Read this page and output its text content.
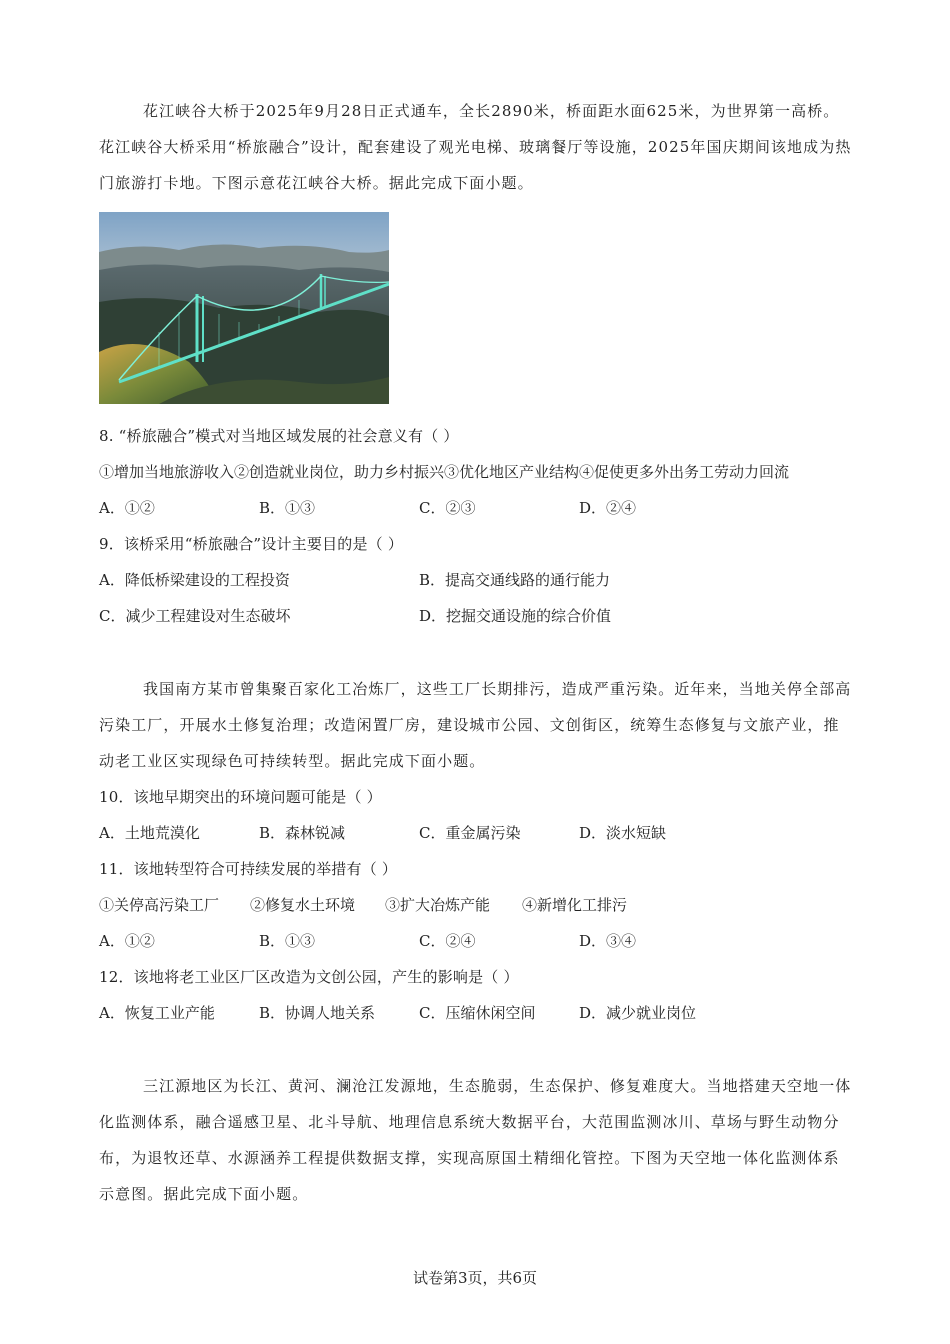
花江峡谷大桥于2025年9月28日正式通车，全长2890米，桥面距水面625米，为世界第一高桥。
花江峡谷大桥采用“桥旅融合”设计，配套建设了观光电梯、玻璃餐厅等设施，2025年国庆期间该地成为热
门旅游打卡地。下图示意花江峡谷大桥。据此完成下面小题。
8. “桥旅融合”模式对当地区域发展的社会意义有（ ）
①增加当地旅游收入②创造就业岗位，助力乡村振兴③优化地区产业结构④促使更多外出务工劳动力回流
A．①②	B．①③	C．②③	D．②④
9．该桥采用“桥旅融合”设计主要目的是（ ）
A．降低桥梁建设的工程投资	B．提高交通线路的通行能力
C．减少工程建设对生态破坏	D．挖掘交通设施的综合价值
我国南方某市曾集聚百家化工冶炼厂，这些工厂长期排污，造成严重污染。近年来，当地关停全部高
污染工厂，开展水土修复治理；改造闲置厂房，建设城市公园、文创街区，统筹生态修复与文旅产业，推
动老工业区实现绿色可持续转型。据此完成下面小题。
10．该地早期突出的环境问题可能是（ ）
A．土地荒漠化	B．森林锐减	C．重金属污染	D．淡水短缺
11．该地转型符合可持续发展的举措有（ ）
①关停高污染工厂 ②修复水土环境 ③扩大冶炼产能 ④新增化工排污
A．①②	B．①③	C．②④	D．③④
12．该地将老工业区厂区改造为文创公园，产生的影响是（ ）
A．恢复工业产能	B．协调人地关系	C．压缩休闲空间	D．减少就业岗位
三江源地区为长江、黄河、澜沧江发源地，生态脆弱，生态保护、修复难度大。当地搭建天空地一体
化监测体系，融合遥感卫星、北斗导航、地理信息系统大数据平台，大范围监测冰川、草场与野生动物分
布，为退牧还草、水源涵养工程提供数据支撑，实现高原国土精细化管控。下图为天空地一体化监测体系
示意图。据此完成下面小题。
试卷第3页，共6页
